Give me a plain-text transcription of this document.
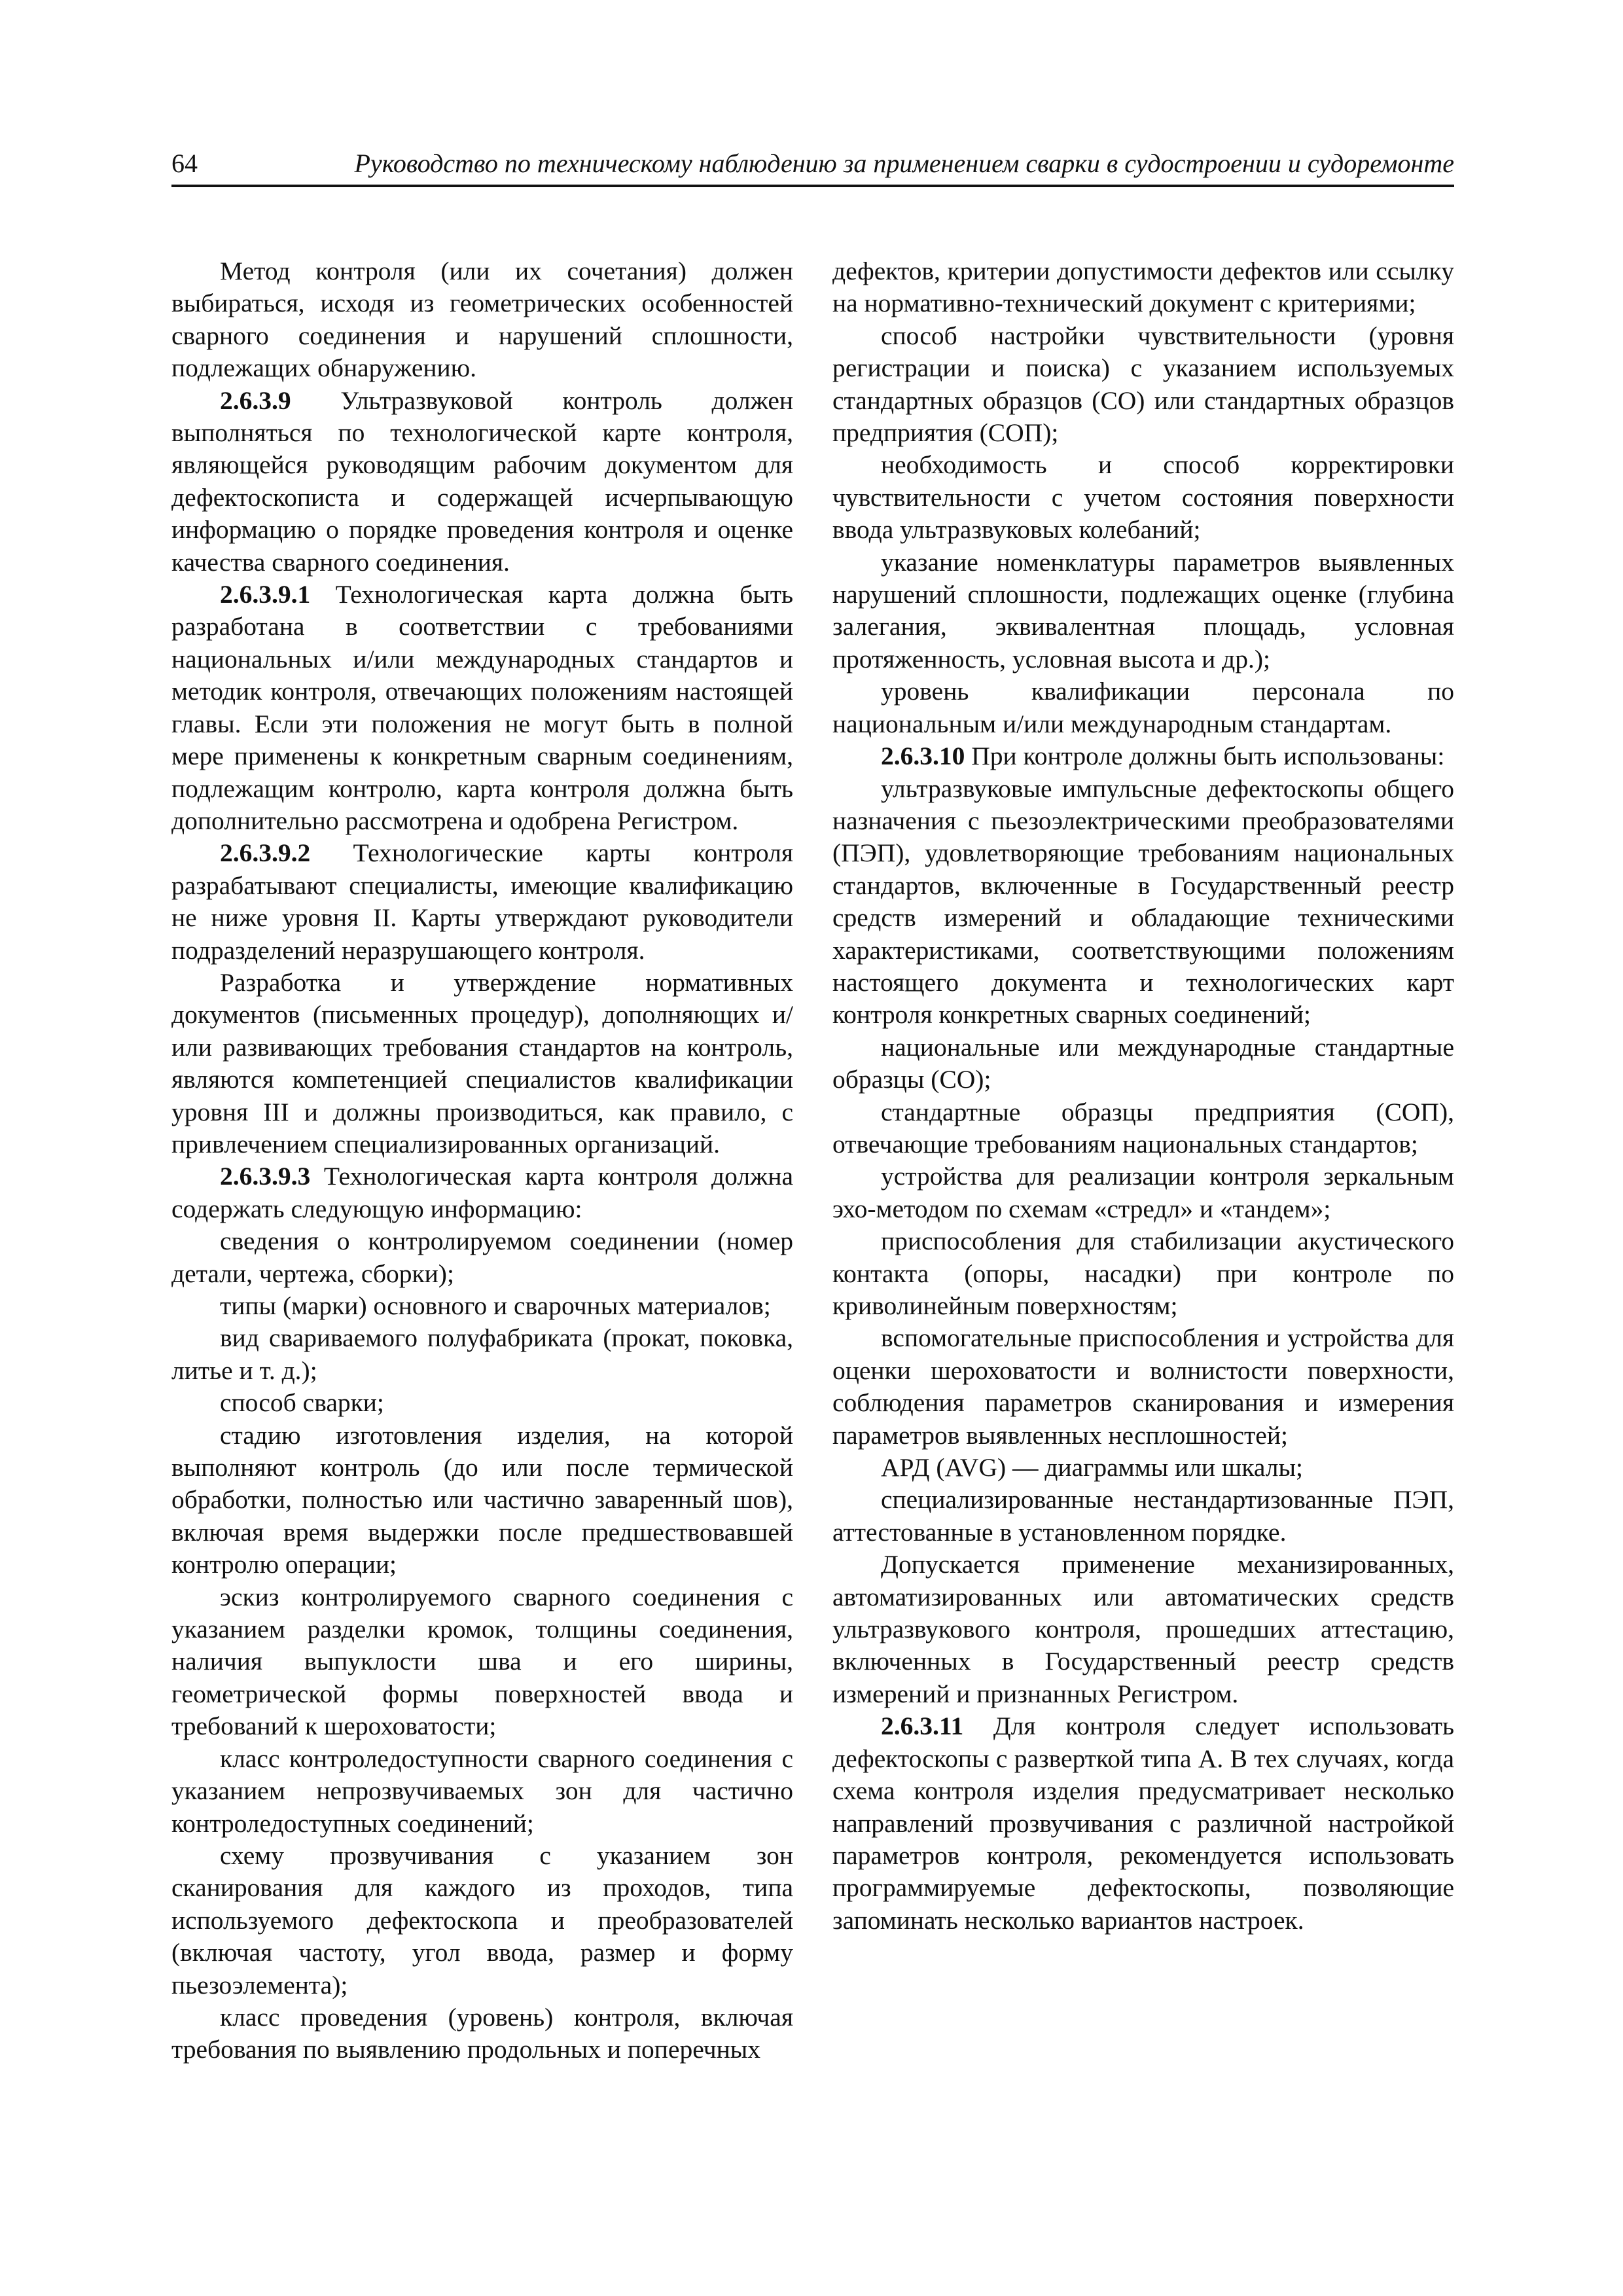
64	Руководство по техническому наблюдению за применением сварки в судостроении и судоремонте

Метод контроля (или их сочетания) должен выбираться, исходя из геометрических особенностей сварного соединения и нарушений сплошности, подлежащих обнаружению.

2.6.3.9 Ультразвуковой контроль должен выполняться по технологической карте контроля, являющейся руководящим рабочим документом для дефектоскописта и содержащей исчерпывающую информацию о порядке проведения контроля и оценке качества сварного соединения.

2.6.3.9.1 Технологическая карта должна быть разработана в соответствии с требованиями национальных и/или международных стандартов и методик контроля, отвечающих положениям настоящей главы. Если эти положения не могут быть в полной мере применены к конкретным сварным соединениям, подлежащим контролю, карта контроля должна быть дополнительно рассмотрена и одобрена Регистром.

2.6.3.9.2 Технологические карты контроля разрабатывают специалисты, имеющие квалификацию не ниже уровня II. Карты утверждают руководители подразделений неразрушающего контроля.

Разработка и утверждение нормативных документов (письменных процедур), дополняющих и/или развивающих требования стандартов на контроль, являются компетенцией специалистов квалификации уровня III и должны производиться, как правило, с привлечением специализированных организаций.

2.6.3.9.3 Технологическая карта контроля должна содержать следующую информацию:

сведения о контролируемом соединении (номер детали, чертежа, сборки);

типы (марки) основного и сварочных материалов;

вид свариваемого полуфабриката (прокат, поковка, литье и т. д.);

способ сварки;

стадию изготовления изделия, на которой выполняют контроль (до или после термической обработки, полностью или частично заваренный шов), включая время выдержки после предшествовавшей контролю операции;

эскиз контролируемого сварного соединения с указанием разделки кромок, толщины соединения, наличия выпуклости шва и его ширины, геометрической формы поверхностей ввода и требований к шероховатости;

класс контроледоступности сварного соединения с указанием непрозвучиваемых зон для частично контроледоступных соединений;

схему прозвучивания с указанием зон сканирования для каждого из проходов, типа используемого дефектоскопа и преобразователей (включая частоту, угол ввода, размер и форму пьезоэлемента);

класс проведения (уровень) контроля, включая требования по выявлению продольных и поперечных

дефектов, критерии допустимости дефектов или ссылку на нормативно-технический документ с критериями;

способ настройки чувствительности (уровня регистрации и поиска) с указанием используемых стандартных образцов (СО) или стандартных образцов предприятия (СОП);

необходимость и способ корректировки чувствительности с учетом состояния поверхности ввода ультразвуковых колебаний;

указание номенклатуры параметров выявленных нарушений сплошности, подлежащих оценке (глубина залегания, эквивалентная площадь, условная протяженность, условная высота и др.);

уровень квалификации персонала по национальным и/или международным стандартам.

2.6.3.10 При контроле должны быть использованы:

ультразвуковые импульсные дефектоскопы общего назначения с пьезоэлектрическими преобразователями (ПЭП), удовлетворяющие требованиям национальных стандартов, включенные в Государственный реестр средств измерений и обладающие техническими характеристиками, соответствующими положениям настоящего документа и технологических карт контроля конкретных сварных соединений;

национальные или международные стандартные образцы (СО);

стандартные образцы предприятия (СОП), отвечающие требованиям национальных стандартов;

устройства для реализации контроля зеркальным эхо-методом по схемам «стредл» и «тандем»;

приспособления для стабилизации акустического контакта (опоры, насадки) при контроле по криволинейным поверхностям;

вспомогательные приспособления и устройства для оценки шероховатости и волнистости поверхности, соблюдения параметров сканирования и измерения параметров выявленных несплошностей;

АРД (AVG) — диаграммы или шкалы;

специализированные нестандартизованные ПЭП, аттестованные в установленном порядке.

Допускается применение механизированных, автоматизированных или автоматических средств ультразвукового контроля, прошедших аттестацию, включенных в Государственный реестр средств измерений и признанных Регистром.

2.6.3.11 Для контроля следует использовать дефектоскопы с разверткой типа А. В тех случаях, когда схема контроля изделия предусматривает несколько направлений прозвучивания с различной настройкой параметров контроля, рекомендуется использовать программируемые дефектоскопы, позволяющие запоминать несколько вариантов настроек.
